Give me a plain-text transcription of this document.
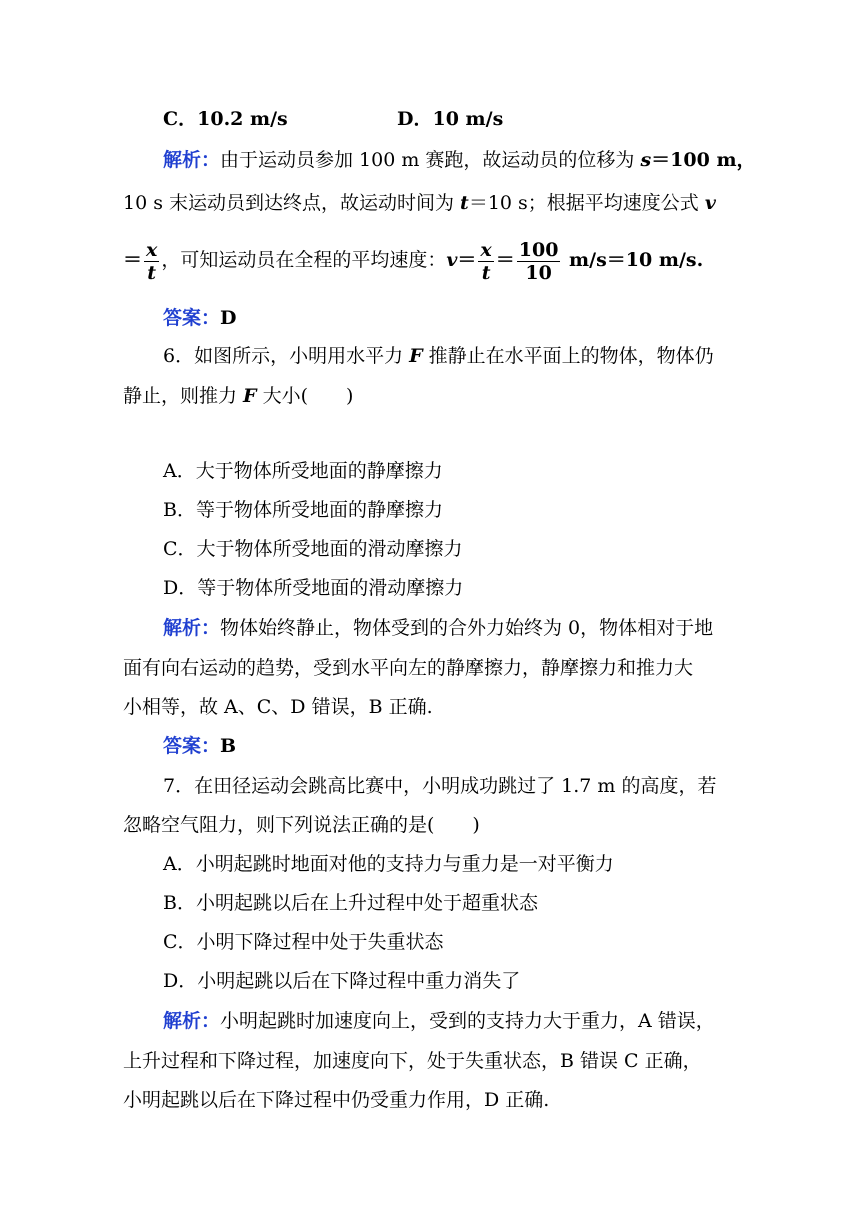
C．10.2 m/s	D．10 m/s
解析：由于运动员参加 100 m 赛跑，故运动员的位移为 s＝100 m，
10 s 末运动员到达终点，故运动时间为 t＝10 s；根据平均速度公式 v
＝ $\frac{x}{t}$ ，可知运动员在全程的平均速度：$v= \frac{x}{t} = \frac{100}{10} m/s=10$ m/s.
答案：D
6．如图所示，小明用水平力 F 推静止在水平面上的物体，物体仍
静止，则推力 F 大小(　　)
A．大于物体所受地面的静摩擦力
B．等于物体所受地面的静摩擦力
C．大于物体所受地面的滑动摩擦力
D．等于物体所受地面的滑动摩擦力
解析：物体始终静止，物体受到的合外力始终为 0，物体相对于地
面有向右运动的趋势，受到水平向左的静摩擦力，静摩擦力和推力大
小相等，故 A、C、D 错误，B 正确.
答案：B
7．在田径运动会跳高比赛中，小明成功跳过了 1.7 m 的高度，若
忽略空气阻力，则下列说法正确的是(　　)
A．小明起跳时地面对他的支持力与重力是一对平衡力
B．小明起跳以后在上升过程中处于超重状态
C．小明下降过程中处于失重状态
D．小明起跳以后在下降过程中重力消失了
解析：小明起跳时加速度向上，受到的支持力大于重力，A 错误，
上升过程和下降过程，加速度向下，处于失重状态，B 错误 C 正确，
小明起跳以后在下降过程中仍受重力作用，D 正确.
